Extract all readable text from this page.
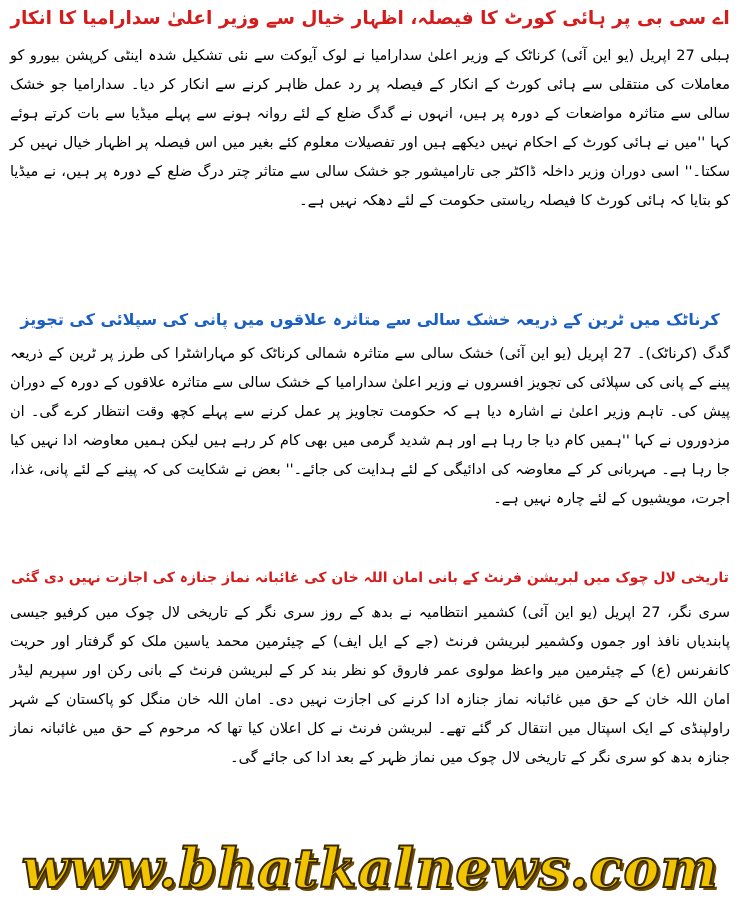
اے سی بی پر ہائی کورٹ کا فیصلہ، اظہار خیال سے وزیر اعلیٰ سدارامیا کا انکار

ہبلی 27 اپریل (یو این آئی) کرناٹک کے وزیر اعلیٰ سدارامیا نے لوک آیوکت سے نئی تشکیل شدہ اینٹی کرپشن بیورو کو معاملات کی منتقلی سے ہائی کورٹ کے انکار کے فیصلہ پر رد عمل ظاہر کرنے سے انکار کر دیا۔ سدارامیا جو خشک سالی سے متاثرہ مواضعات کے دورہ پر ہیں، انہوں نے گدگ ضلع کے لئے روانہ ہونے سے پہلے میڈیا سے بات کرتے ہوئے کہا ''میں نے ہائی کورٹ کے احکام نہیں دیکھے ہیں اور تفصیلات معلوم کئے بغیر میں اس فیصلہ پر اظہار خیال نہیں کر سکتا۔'' اسی دوران وزیر داخلہ ڈاکٹر جی تارامیشور جو خشک سالی سے متاثر چتر درگ ضلع کے دورہ پر ہیں، نے میڈیا کو بتایا کہ ہائی کورٹ کا فیصلہ ریاستی حکومت کے لئے دھکہ نہیں ہے۔

کرناٹک میں ٹرین کے ذریعہ خشک سالی سے متاثرہ علاقوں میں پانی کی سپلائی کی تجویز

گدگ (کرناٹک)۔ 27 اپریل (یو این آئی) خشک سالی سے متاثرہ شمالی کرناٹک کو مہاراشٹرا کی طرز پر ٹرین کے ذریعہ پینے کے پانی کی سپلائی کی تجویز افسروں نے وزیر اعلیٰ سدارامیا کے خشک سالی سے متاثرہ علاقوں کے دورہ کے دوران پیش کی۔ تاہم وزیر اعلیٰ نے اشارہ دیا ہے کہ حکومت تجاویز پر عمل کرنے سے پہلے کچھ وقت انتظار کرے گی۔ ان مزدوروں نے کہا ''ہمیں کام دیا جا رہا ہے اور ہم شدید گرمی میں بھی کام کر رہے ہیں لیکن ہمیں معاوضہ ادا نہیں کیا جا رہا ہے۔ مہربانی کر کے معاوضہ کی ادائیگی کے لئے ہدایت کی جائے۔'' بعض نے شکایت کی کہ پینے کے لئے پانی، غذا، اجرت، مویشیوں کے لئے چارہ نہیں ہے۔

تاریخی لال چوک میں لبریشن فرنٹ کے بانی امان اللہ خان کی غائبانہ نماز جنازہ کی اجازت نہیں دی گئی

سری نگر، 27 اپریل (یو این آئی) کشمیر انتظامیہ نے بدھ کے روز سری نگر کے تاریخی لال چوک میں کرفیو جیسی پابندیاں نافذ اور جموں وکشمیر لبریشن فرنٹ (جے کے ایل ایف) کے چیئرمین محمد یاسین ملک کو گرفتار اور حریت کانفرنس (ع) کے چیئرمین میر واعظ مولوی عمر فاروق کو نظر بند کر کے لبریشن فرنٹ کے بانی رکن اور سپریم لیڈر امان اللہ خان کے حق میں غائبانہ نماز جنازہ ادا کرنے کی اجازت نہیں دی۔ امان اللہ خان منگل کو پاکستان کے شہر راولپنڈی کے ایک اسپتال میں انتقال کر گئے تھے۔ لبریشن فرنٹ نے کل اعلان کیا تھا کہ مرحوم کے حق میں غائبانہ نماز جنازہ بدھ کو سری نگر کے تاریخی لال چوک میں نماز ظہر کے بعد ادا کی جائے گی۔

www.bhatkalnews.com
